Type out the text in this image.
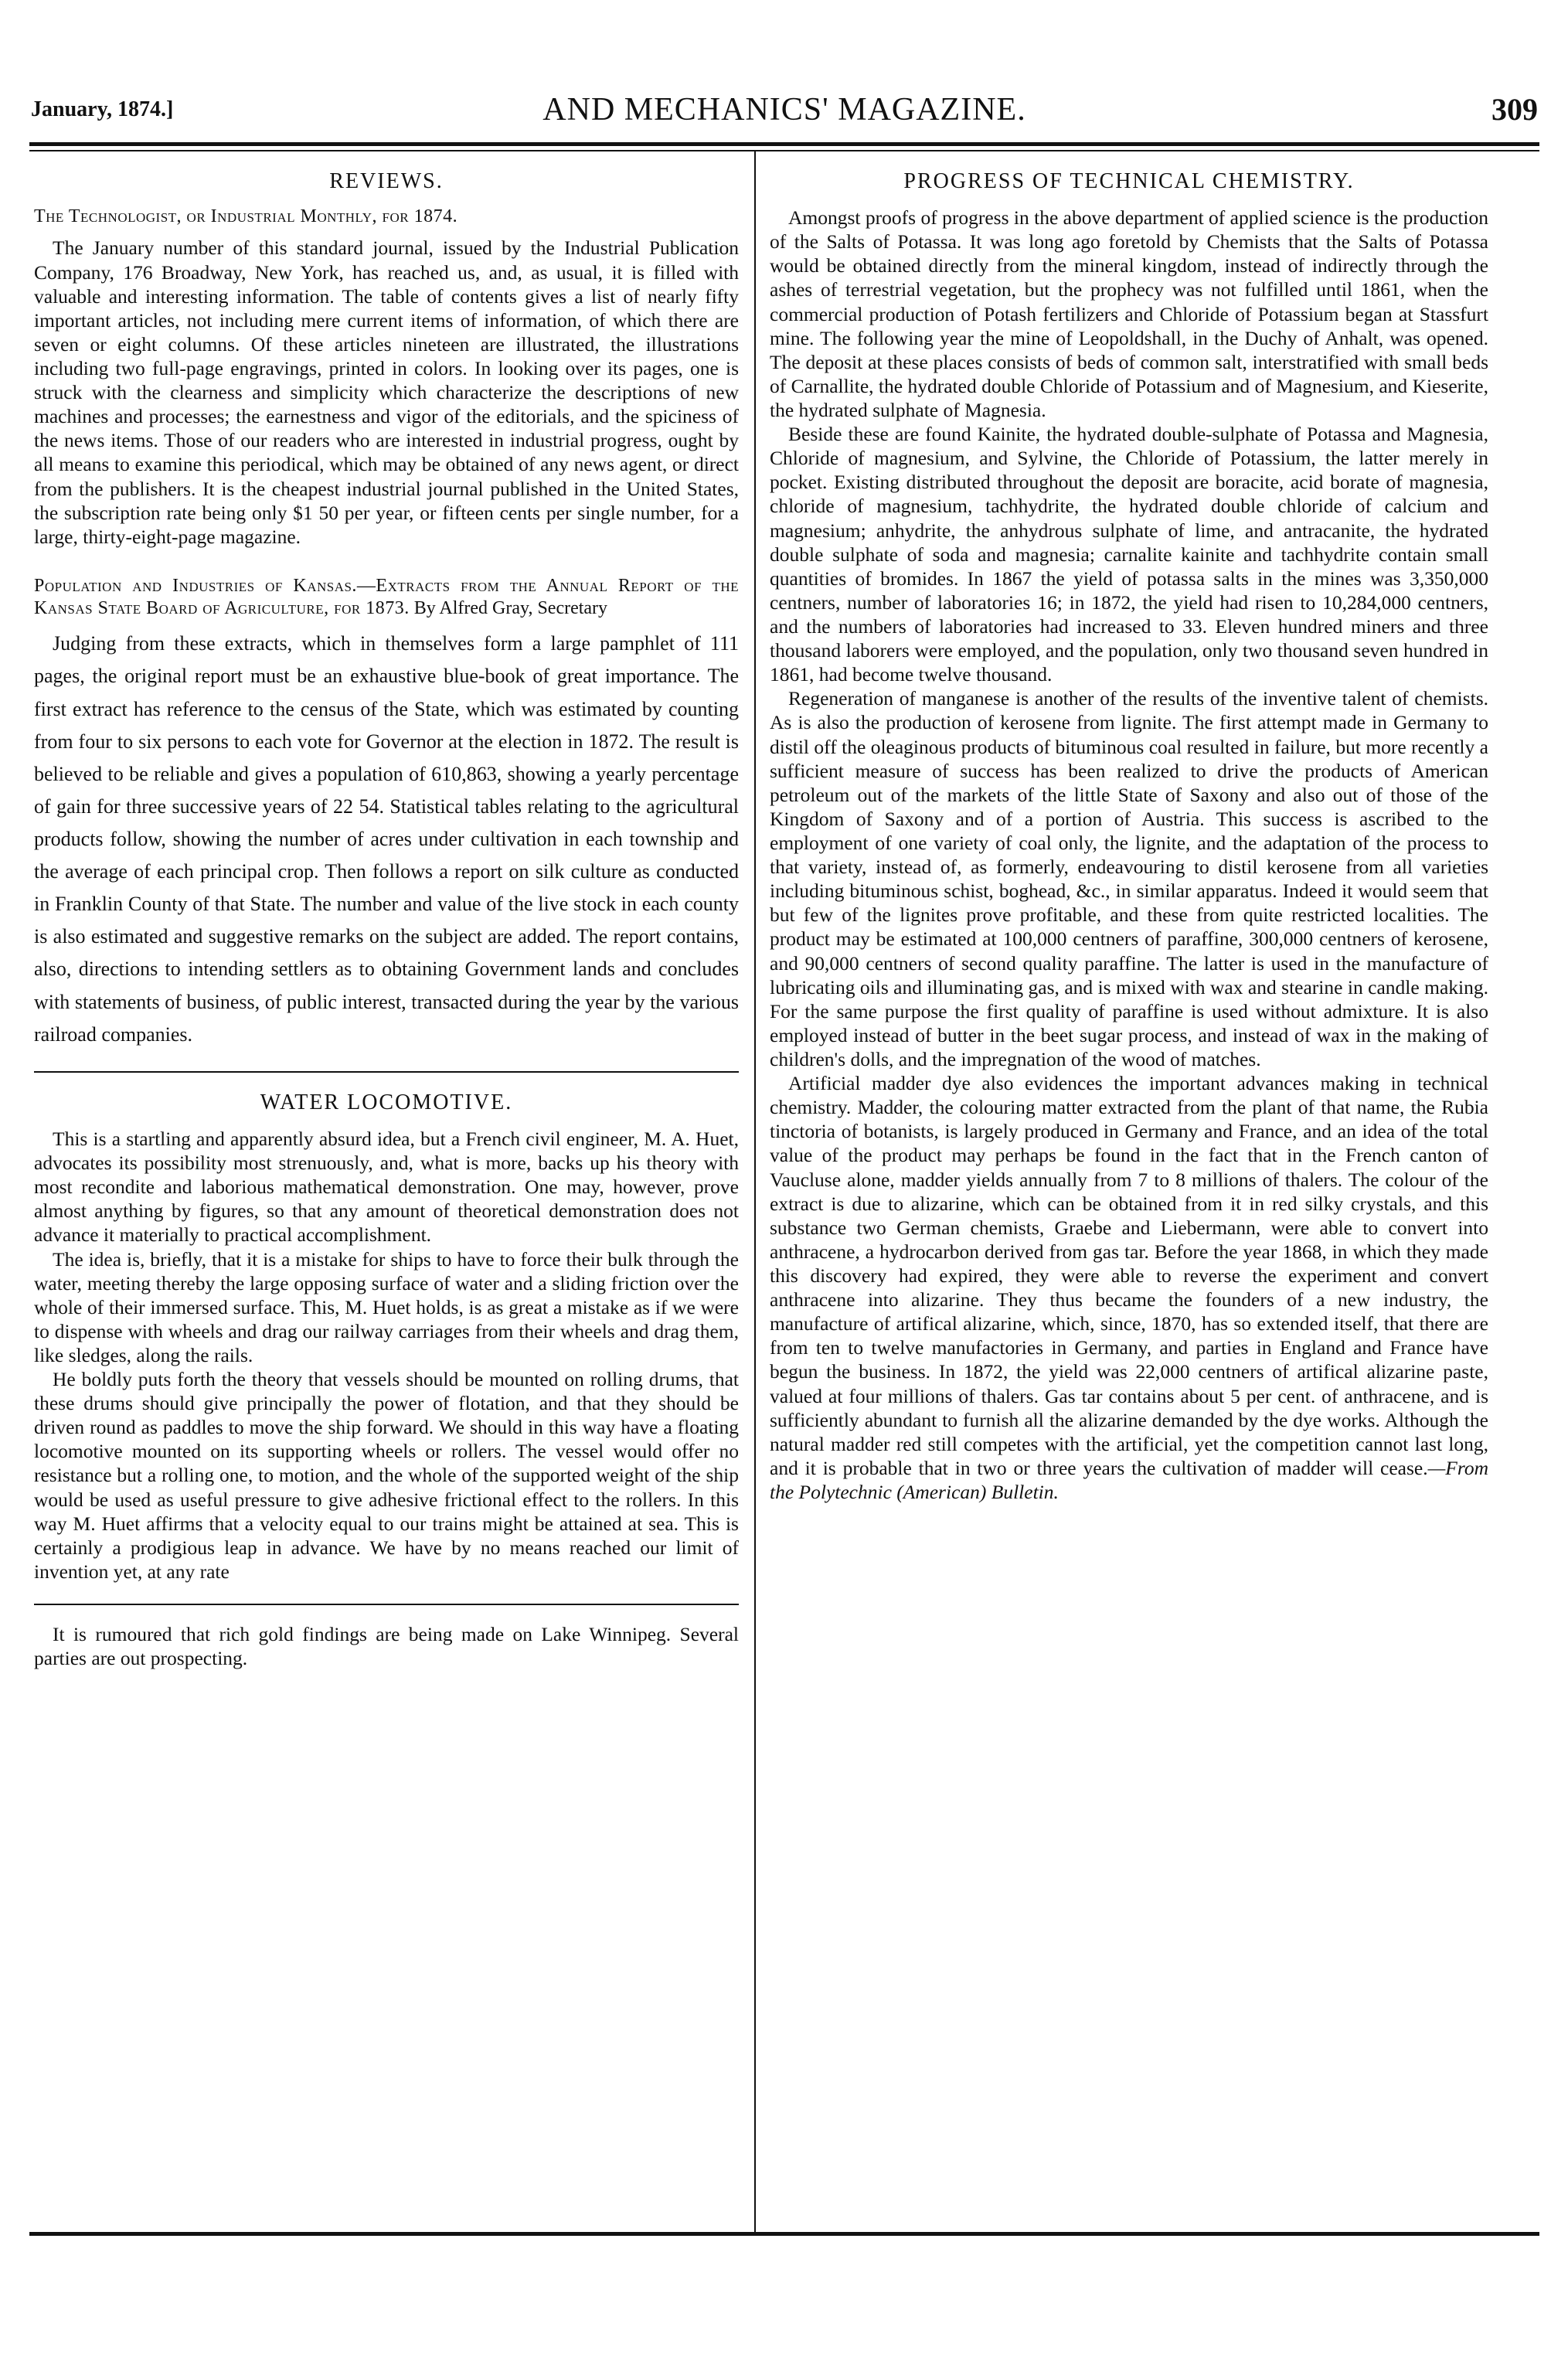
January, 1874.]	AND MECHANICS' MAGAZINE.	309
REVIEWS.
The Technologist, or Industrial Monthly, for 1874.

The January number of this standard journal, issued by the Industrial Publication Company, 176 Broadway, New York, has reached us, and, as usual, it is filled with valuable and interesting information. The table of contents gives a list of nearly fifty important articles, not including mere current items of information, of which there are seven or eight columns. Of these articles nineteen are illustrated, the illustrations including two full-page engravings, printed in colors. In looking over its pages, one is struck with the clearness and simplicity which characterize the descriptions of new machines and processes; the earnestness and vigor of the editorials, and the spiciness of the news items. Those of our readers who are interested in industrial progress, ought by all means to examine this periodical, which may be obtained of any news agent, or direct from the publishers. It is the cheapest industrial journal published in the United States, the subscription rate being only $1 50 per year, or fifteen cents per single number, for a large, thirty-eight-page magazine.

Population and Industries of Kansas.—Extracts from the Annual Report of the Kansas State Board of Agriculture, for 1873. By Alfred Gray, Secretary

Judging from these extracts, which in themselves form a large pamphlet of 111 pages, the original report must be an exhaustive blue-book of great importance. The first extract has reference to the census of the State, which was estimated by counting from four to six persons to each vote for Governor at the election in 1872. The result is believed to be reliable and gives a population of 610,863, showing a yearly percentage of gain for three successive years of 22 54. Statistical tables relating to the agricultural products follow, showing the number of acres under cultivation in each township and the average of each principal crop. Then follows a report on silk culture as conducted in Franklin County of that State. The number and value of the live stock in each county is also estimated and suggestive remarks on the subject are added. The report contains, also, directions to intending settlers as to obtaining Government lands and concludes with statements of business, of public interest, transacted during the year by the various railroad companies.

WATER LOCOMOTIVE.

This is a startling and apparently absurd idea, but a French civil engineer, M. A. Huet, advocates its possibility most strenuously, and, what is more, backs up his theory with most recondite and laborious mathematical demonstration. One may, however, prove almost anything by figures, so that any amount of theoretical demonstration does not advance it materially to practical accomplishment.

The idea is, briefly, that it is a mistake for ships to have to force their bulk through the water, meeting thereby the large opposing surface of water and a sliding friction over the whole of their immersed surface. This, M. Huet holds, is as great a mistake as if we were to dispense with wheels and drag our railway carriages from their wheels and drag them, like sledges, along the rails.

He boldly puts forth the theory that vessels should be mounted on rolling drums, that these drums should give principally the power of flotation, and that they should be driven round as paddles to move the ship forward. We should in this way have a floating locomotive mounted on its supporting wheels or rollers. The vessel would offer no resistance but a rolling one, to motion, and the whole of the supported weight of the ship would be used as useful pressure to give adhesive frictional effect to the rollers. In this way M. Huet affirms that a velocity equal to our trains might be attained at sea. This is certainly a prodigious leap in advance. We have by no means reached our limit of invention yet, at any rate

It is rumoured that rich gold findings are being made on Lake Winnipeg. Several parties are out prospecting.

PROGRESS OF TECHNICAL CHEMISTRY.

Amongst proofs of progress in the above department of applied science is the production of the Salts of Potassa. It was long ago foretold by Chemists that the Salts of Potassa would be obtained directly from the mineral kingdom, instead of indirectly through the ashes of terrestrial vegetation, but the prophecy was not fulfilled until 1861, when the commercial production of Potash fertilizers and Chloride of Potassium began at Stassfurt mine. The following year the mine of Leopoldshall, in the Duchy of Anhalt, was opened. The deposit at these places consists of beds of common salt, interstratified with small beds of Carnallite, the hydrated double Chloride of Potassium and of Magnesium, and Kieserite, the hydrated sulphate of Magnesia.

Beside these are found Kainite, the hydrated double-sulphate of Potassa and Magnesia, Chloride of magnesium, and Sylvine, the Chloride of Potassium, the latter merely in pocket. Existing distributed throughout the deposit are boracite, acid borate of magnesia, chloride of magnesium, tachhydrite, the hydrated double chloride of calcium and magnesium; anhydrite, the anhydrous sulphate of lime, and antracanite, the hydrated double sulphate of soda and magnesia; carnalite kainite and tachhydrite contain small quantities of bromides. In 1867 the yield of potassa salts in the mines was 3,350,000 centners, number of laboratories 16; in 1872, the yield had risen to 10,284,000 centners, and the numbers of laboratories had increased to 33. Eleven hundred miners and three thousand laborers were employed, and the population, only two thousand seven hundred in 1861, had become twelve thousand.

Regeneration of manganese is another of the results of the inventive talent of chemists. As is also the production of kerosene from lignite. The first attempt made in Germany to distil off the oleaginous products of bituminous coal resulted in failure, but more recently a sufficient measure of success has been realized to drive the products of American petroleum out of the markets of the little State of Saxony and also out of those of the Kingdom of Saxony and of a portion of Austria. This success is ascribed to the employment of one variety of coal only, the lignite, and the adaptation of the process to that variety, instead of, as formerly, endeavouring to distil kerosene from all varieties including bituminous schist, boghead, &c., in similar apparatus. Indeed it would seem that but few of the lignites prove profitable, and these from quite restricted localities. The product may be estimated at 100,000 centners of paraffine, 300,000 centners of kerosene, and 90,000 centners of second quality paraffine. The latter is used in the manufacture of lubricating oils and illuminating gas, and is mixed with wax and stearine in candle making. For the same purpose the first quality of paraffine is used without admixture. It is also employed instead of butter in the beet sugar process, and instead of wax in the making of children's dolls, and the impregnation of the wood of matches.

Artificial madder dye also evidences the important advances making in technical chemistry. Madder, the colouring matter extracted from the plant of that name, the Rubia tinctoria of botanists, is largely produced in Germany and France, and an idea of the total value of the product may perhaps be found in the fact that in the French canton of Vaucluse alone, madder yields annually from 7 to 8 millions of thalers. The colour of the extract is due to alizarine, which can be obtained from it in red silky crystals, and this substance two German chemists, Graebe and Liebermann, were able to convert into anthracene, a hydrocarbon derived from gas tar. Before the year 1868, in which they made this discovery had expired, they were able to reverse the experiment and convert anthracene into alizarine. They thus became the founders of a new industry, the manufacture of artifical alizarine, which, since, 1870, has so extended itself, that there are from ten to twelve manufactories in Germany, and parties in England and France have begun the business. In 1872, the yield was 22,000 centners of artifical alizarine paste, valued at four millions of thalers. Gas tar contains about 5 per cent. of anthracene, and is sufficiently abundant to furnish all the alizarine demanded by the dye works. Although the natural madder red still competes with the artificial, yet the competition cannot last long, and it is probable that in two or three years the cultivation of madder will cease.—From the Polytechnic (American) Bulletin.
